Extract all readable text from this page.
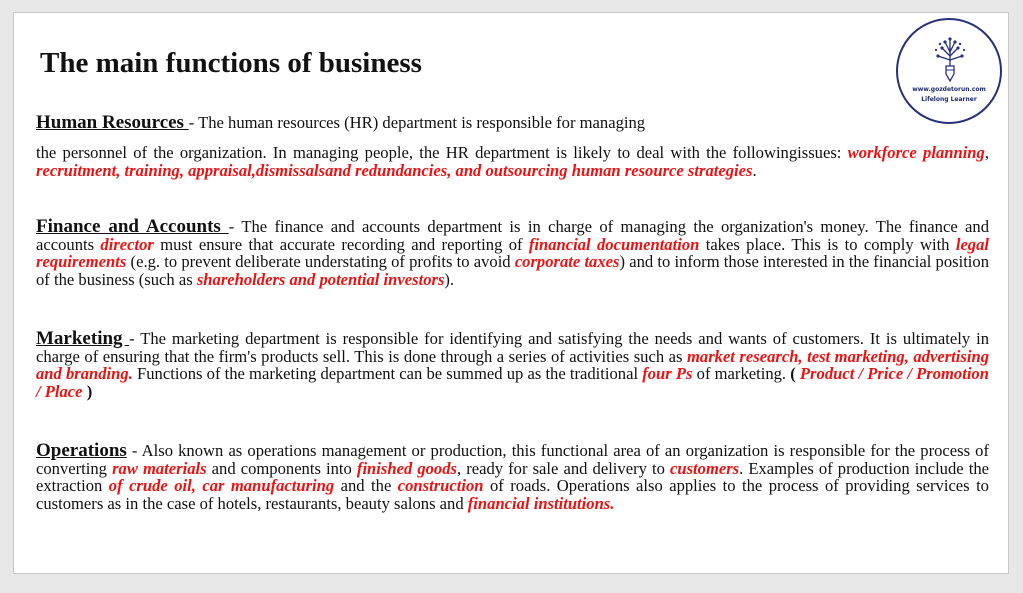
The main functions of business
www.gozdetorun.com
Lifelong Learner

Human Resources - The human resources (HR) department is responsible for managing

the personnel of the organization. In managing people, the HR department is likely to deal with the followingissues: workforce planning, recruitment, training, appraisal,dismissalsand redundancies, and outsourcing human resource strategies.

Finance and Accounts - The finance and accounts department is in charge of managing the organization's money. The finance and accounts director must ensure that accurate recording and reporting of financial documentation takes place. This is to comply with legal requirements (e.g. to prevent deliberate understating of profits to avoid corporate taxes) and to inform those interested in the financial position of the business (such as shareholders and potential investors).

Marketing - The marketing department is responsible for identifying and satisfying the needs and wants of customers. It is ultimately in charge of ensuring that the firm's products sell. This is done through a series of activities such as market research, test marketing, advertising and branding. Functions of the marketing department can be summed up as the traditional four Ps of marketing. ( Product / Price / Promotion / Place )

Operations - Also known as operations management or production, this functional area of an organization is responsible for the process of converting raw materials and components into finished goods, ready for sale and delivery to customers. Examples of production include the extraction of crude oil, car manufacturing and the construction of roads. Operations also applies to the process of providing services to customers as in the case of hotels, restaurants, beauty salons and financial institutions.
